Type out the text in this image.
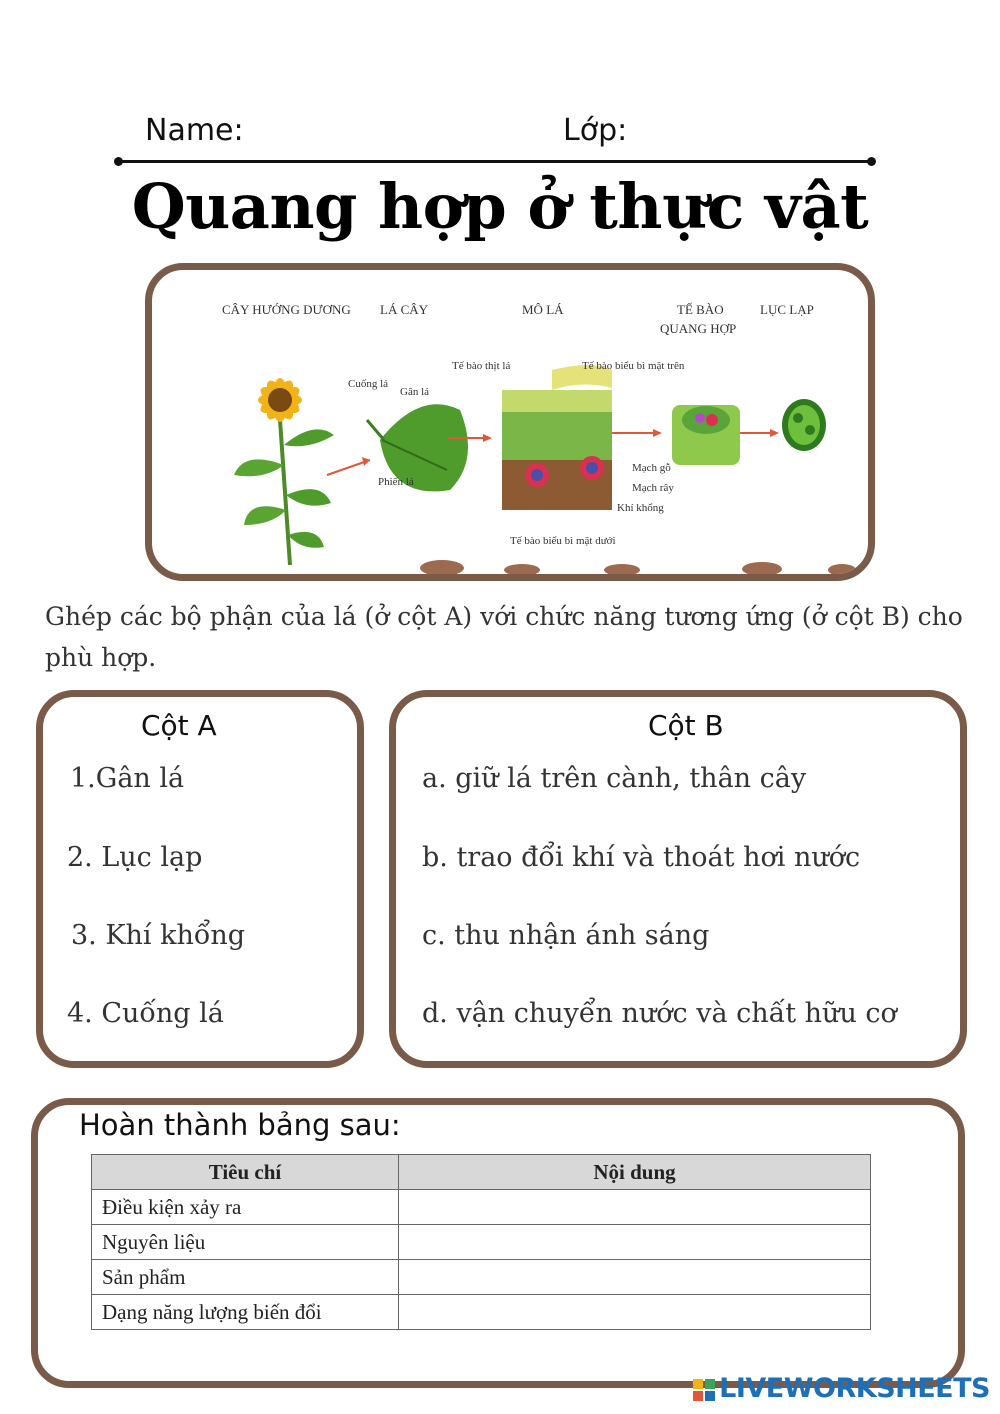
Name:	Lớp:
Quang hợp ở thực vật
CÂY HƯỚNG DƯƠNG LÁ CÂY	MÔ LÁ	TẾ BÀO
QUANG HỢP
LỤC LẠP
Cuống lá
Gân lá
Phiến lá
Tế bào thịt lá	Tế bào biểu bì mặt trên
Mạch gỗ
Mạch rây
Khí khổng
Tế bào biểu bì mặt dưới
Ghép các bộ phận của lá (ở cột A) với chức năng tương ứng (ở cột B) cho phù hợp.
Cột A
1.Gân lá
2. Lục lạp
3. Khí khổng
4. Cuống lá
Cột B
a. giữ lá trên cành, thân cây
b. trao đổi khí và thoát hơi nước
c. thu nhận ánh sáng
d. vận chuyển nước và chất hữu cơ
Hoàn thành bảng sau:
Tiêu chí	Nội dung
Điều kiện xảy ra	
Nguyên liệu	
Sản phẩm	
Dạng năng lượng biến đổi	
LIVEWORKSHEETS
